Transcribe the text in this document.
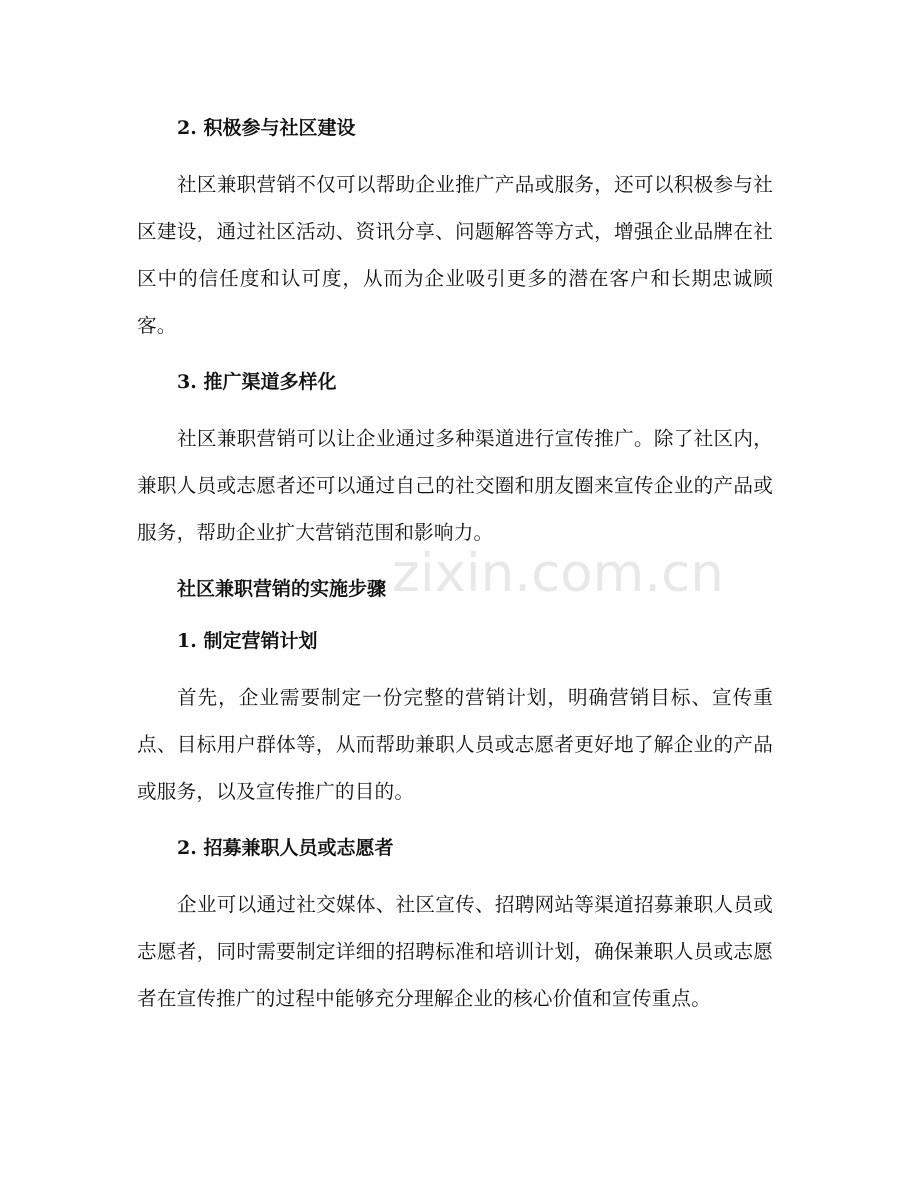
2. 积极参与社区建设

社区兼职营销不仅可以帮助企业推广产品或服务，还可以积极参与社区建设，通过社区活动、资讯分享、问题解答等方式，增强企业品牌在社区中的信任度和认可度，从而为企业吸引更多的潜在客户和长期忠诚顾客。

3. 推广渠道多样化

社区兼职营销可以让企业通过多种渠道进行宣传推广。除了社区内，兼职人员或志愿者还可以通过自己的社交圈和朋友圈来宣传企业的产品或服务，帮助企业扩大营销范围和影响力。

社区兼职营销的实施步骤
1. 制定营销计划

首先，企业需要制定一份完整的营销计划，明确营销目标、宣传重点、目标用户群体等，从而帮助兼职人员或志愿者更好地了解企业的产品或服务，以及宣传推广的目的。

2. 招募兼职人员或志愿者

企业可以通过社交媒体、社区宣传、招聘网站等渠道招募兼职人员或志愿者，同时需要制定详细的招聘标准和培训计划，确保兼职人员或志愿者在宣传推广的过程中能够充分理解企业的核心价值和宣传重点。

zixin.com.cn
